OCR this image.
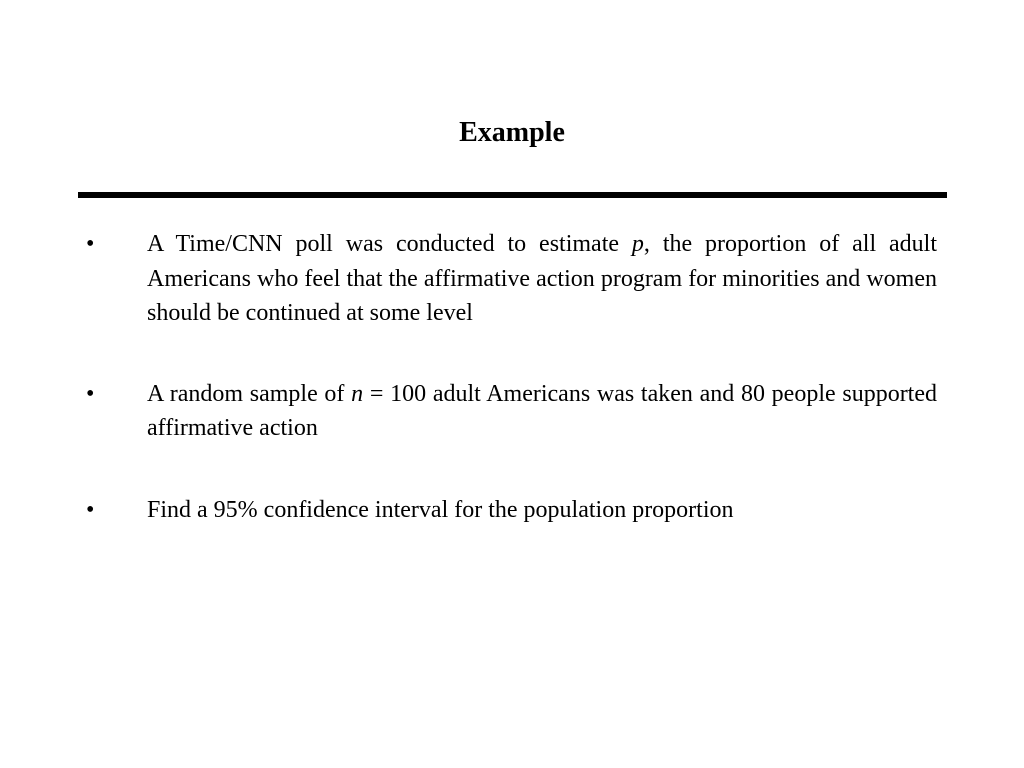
Example
• A Time/CNN poll was conducted to estimate p, the proportion of all adult Americans who feel that the affirmative action program for minorities and women should be continued at some level
• A random sample of n = 100 adult Americans was taken and 80 people supported affirmative action
• Find a 95% confidence interval for the population proportion
